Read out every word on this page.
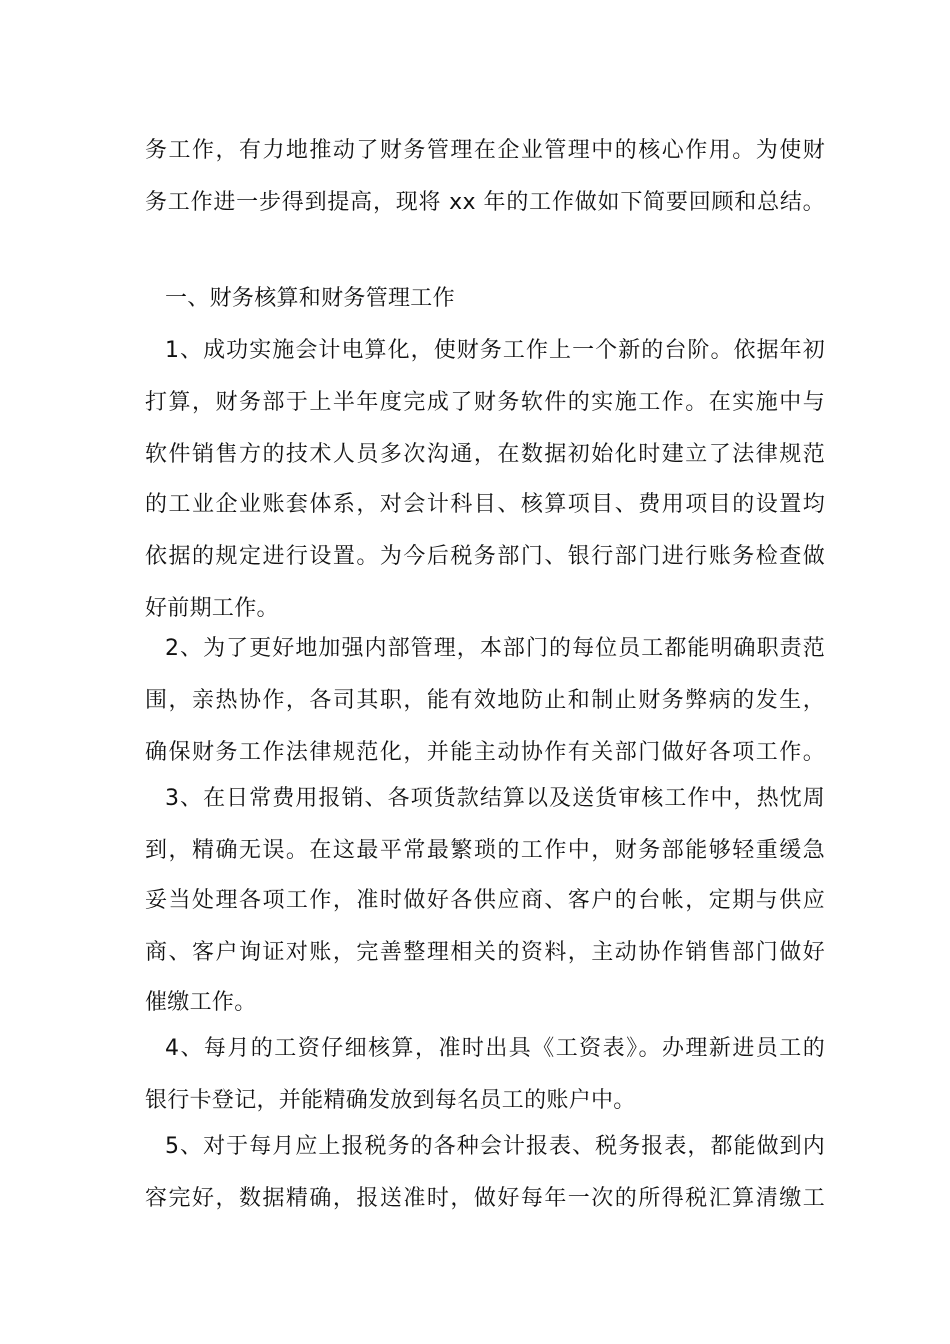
务工作，有力地推动了财务管理在企业管理中的核心作用。为使财

务工作进一步得到提高，现将 xx 年的工作做如下简要回顾和总结。

一、财务核算和财务管理工作

1、成功实施会计电算化，使财务工作上一个新的台阶。依据年初

打算，财务部于上半年度完成了财务软件的实施工作。在实施中与

软件销售方的技术人员多次沟通，在数据初始化时建立了法律规范

的工业企业账套体系，对会计科目、核算项目、费用项目的设置均

依据的规定进行设置。为今后税务部门、银行部门进行账务检查做

好前期工作。

2、为了更好地加强内部管理，本部门的每位员工都能明确职责范

围，亲热协作，各司其职，能有效地防止和制止财务弊病的发生，

确保财务工作法律规范化，并能主动协作有关部门做好各项工作。

3、在日常费用报销、各项货款结算以及送货审核工作中，热忱周

到，精确无误。在这最平常最繁琐的工作中，财务部能够轻重缓急

妥当处理各项工作，准时做好各供应商、客户的台帐，定期与供应

商、客户询证对账，完善整理相关的资料，主动协作销售部门做好

催缴工作。

4、每月的工资仔细核算，准时出具《工资表》。办理新进员工的

银行卡登记，并能精确发放到每名员工的账户中。

5、对于每月应上报税务的各种会计报表、税务报表，都能做到内

容完好，数据精确，报送准时，做好每年一次的所得税汇算清缴工
